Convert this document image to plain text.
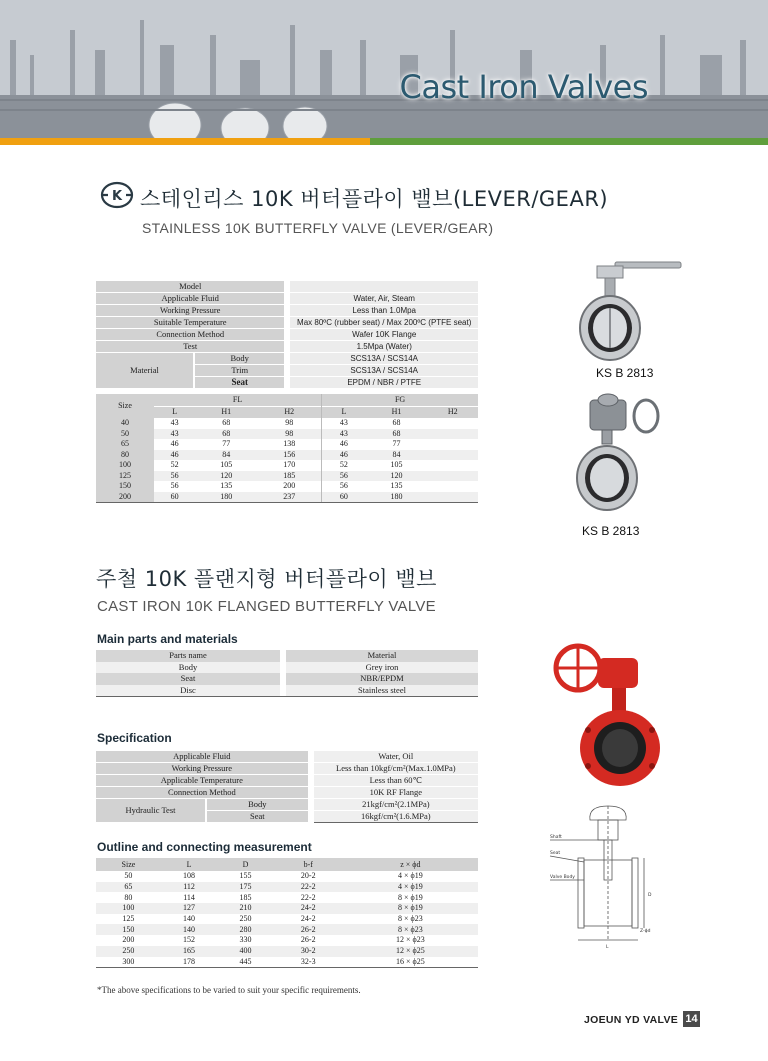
Cast Iron Valves
K 스테인리스 10K 버터플라이 밸브(LEVER/GEAR)
STAINLESS 10K BUTTERFLY VALVE (LEVER/GEAR)
Model			
Applicable Fluid			Water, Air, Steam
Working Pressure			Less than 1.0Mpa
Suitable Temperature			Max 80ºC (rubber seat) / Max 200ºC (PTFE seat)
Connection Method			Wafer 10K Flange
Test			1.5Mpa (Water)
Material	Body		SCS13A / SCS14A
	Trim		SCS13A / SCS14A
	Seat		EPDM / NBR / PTFE
Size	FL			FG		
	L	H1	H2	L	H1	H2
40	43	68	98	43	68	
50	43	68	98	43	68	
65	46	77	138	46	77	
80	46	84	156	46	84	
100	52	105	170	52	105	
125	56	120	185	56	120	
150	56	135	200	56	135	
200	60	180	237	60	180	
KS B 2813
KS B 2813
주철 10K 플랜지형 버터플라이 밸브
CAST IRON 10K FLANGED BUTTERFLY VALVE
Main parts and materials
Parts name		Material
Body		Grey iron
Seat		NBR/EPDM
Disc		Stainless steel
Specification
Applicable Fluid			Water, Oil
Working Pressure			Less than 10kgf/cm²(Max.1.0MPa)
Applicable Temperature			Less than 60℃
Connection Method			10K RF Flange
Hydraulic Test	Body		21kgf/cm²(2.1MPa)
	Seat		16kgf/cm²(1.6.MPa)
Outline and connecting measurement
Size	L	D	b-f	z × ϕd
50	108	155	20-2	4 × ϕ19
65	112	175	22-2	4 × ϕ19
80	114	185	22-2	8 × ϕ19
100	127	210	24-2	8 × ϕ19
125	140	250	24-2	8 × ϕ23
150	140	280	26-2	8 × ϕ23
200	152	330	26-2	12 × ϕ23
250	165	400	30-2	12 × ϕ25
300	178	445	32-3	16 × ϕ25
*The above specifications to be varied to suit your specific requirements.
Shaft
Seat
Valve Body
L
D
Z-ϕd
JOEUN YD VALVE 14
